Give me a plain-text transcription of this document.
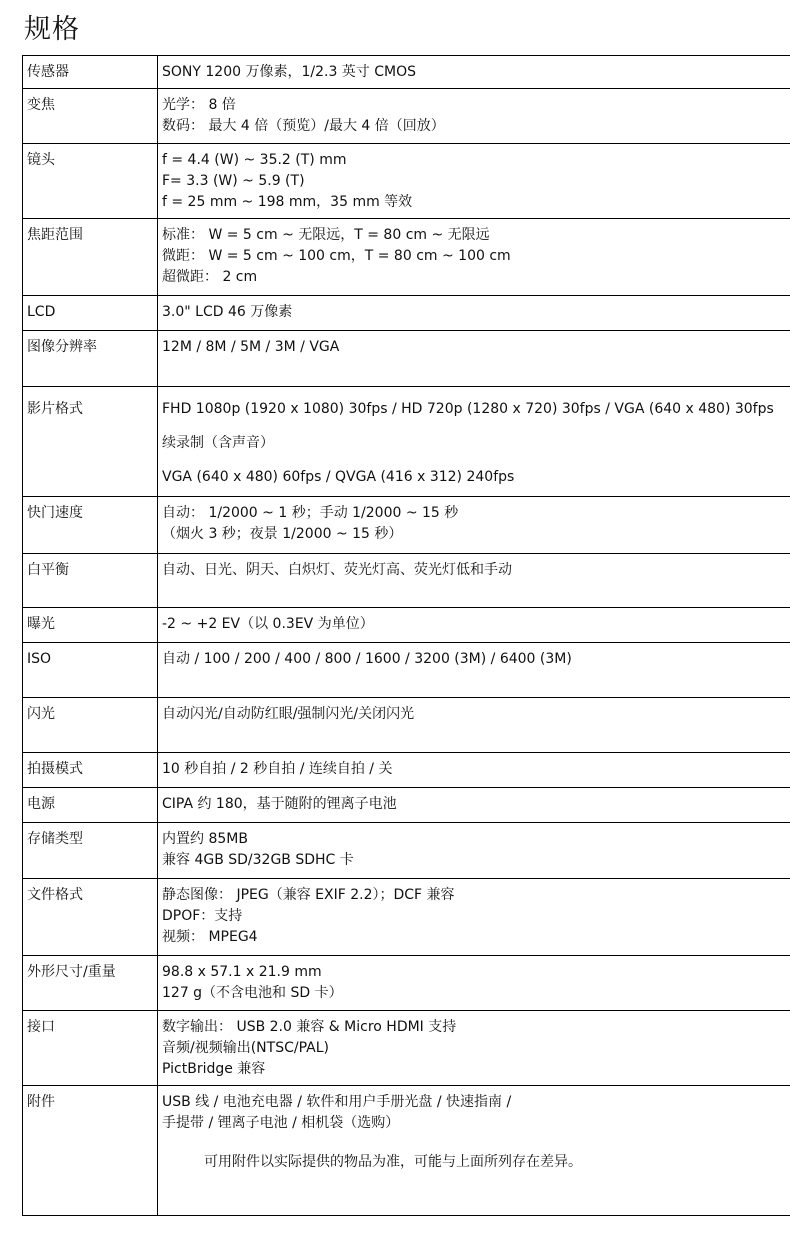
规格
传感器	SONY 1200 万像素，1/2.3 英寸 CMOS
变焦	光学： 8 倍
数码： 最大 4 倍（预览）/最大 4 倍（回放）
镜头	f = 4.4 (W) ~ 35.2 (T) mm
F= 3.3 (W) ~ 5.9 (T)
f = 25 mm ~ 198 mm，35 mm 等效
焦距范围	标准： W = 5 cm ~ 无限远，T = 80 cm ~ 无限远
微距： W = 5 cm ~ 100 cm，T = 80 cm ~ 100 cm
超微距： 2 cm
LCD	3.0" LCD 46 万像素
图像分辨率	12M / 8M / 5M / 3M / VGA
影片格式	FHD 1080p (1920 x 1080) 30fps / HD 720p (1280 x 720) 30fps / VGA (640 x 480) 30fps
续录制（含声音）
VGA (640 x 480) 60fps / QVGA (416 x 312) 240fps
快门速度	自动： 1/2000 ~ 1 秒；手动 1/2000 ~ 15 秒
（烟火 3 秒；夜景 1/2000 ~ 15 秒）
白平衡	自动、日光、阴天、白炽灯、荧光灯高、荧光灯低和手动
曝光	-2 ~ +2 EV（以 0.3EV 为单位）
ISO	自动 / 100 / 200 / 400 / 800 / 1600 / 3200 (3M) / 6400 (3M)
闪光	自动闪光/自动防红眼/强制闪光/关闭闪光
拍摄模式	10 秒自拍 / 2 秒自拍 / 连续自拍 / 关
电源	CIPA 约 180，基于随附的锂离子电池
存储类型	内置约 85MB
兼容 4GB SD/32GB SDHC 卡
文件格式	静态图像： JPEG（兼容 EXIF 2.2）；DCF 兼容
DPOF：支持
视频： MPEG4
外形尺寸/重量	98.8 x 57.1 x 21.9 mm
127 g（不含电池和 SD 卡）
接口	数字输出： USB 2.0 兼容 & Micro HDMI 支持
音频/视频输出(NTSC/PAL)
PictBridge 兼容
附件	USB 线 / 电池充电器 / 软件和用户手册光盘 / 快速指南 /
手提带 / 锂离子电池 / 相机袋（选购）
可用附件以实际提供的物品为准，可能与上面所列存在差异。
